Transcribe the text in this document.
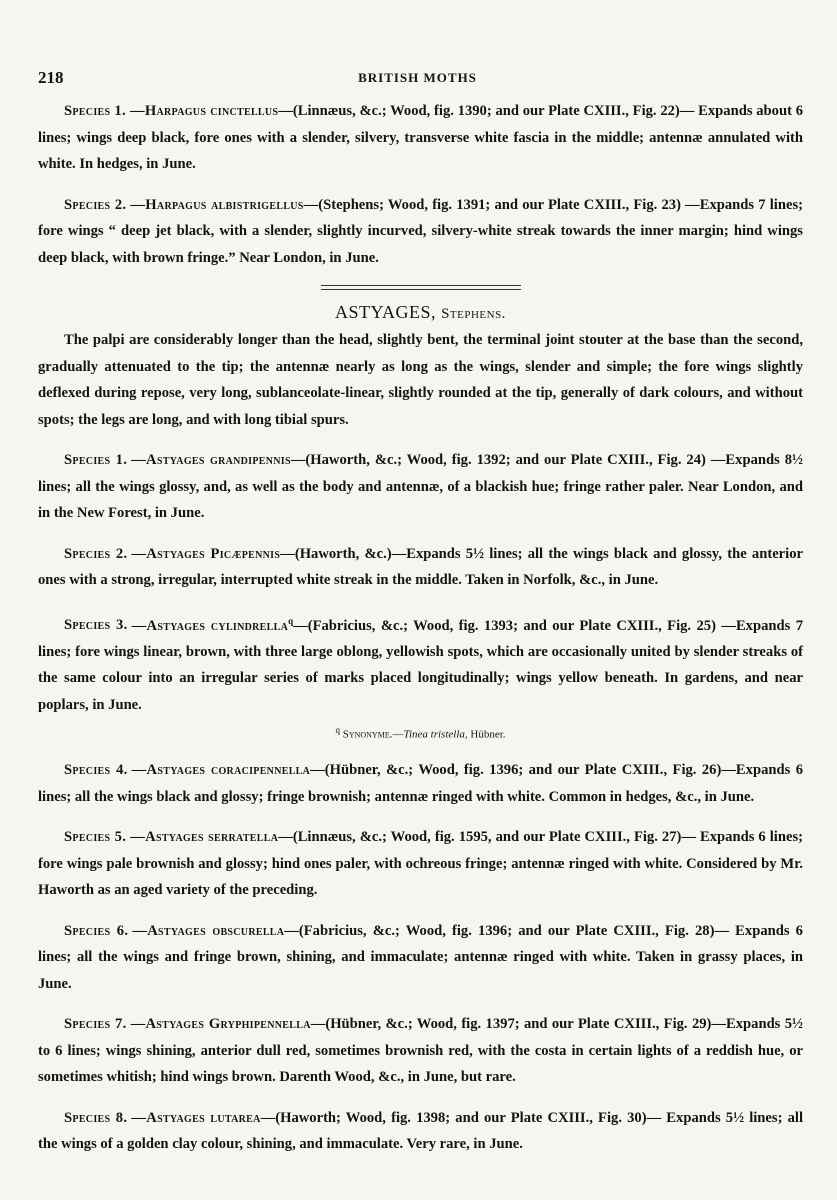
218	BRITISH MOTHS

Species 1. —Harpagus cinctellus—(Linnæus, &c.; Wood, fig. 1390; and our Plate CXIII., Fig. 22)— Expands about 6 lines; wings deep black, fore ones with a slender, silvery, transverse white fascia in the middle; antennæ annulated with white. In hedges, in June.

Species 2. —Harpagus albistrigellus—(Stephens; Wood, fig. 1391; and our Plate CXIII., Fig. 23) —Expands 7 lines; fore wings “ deep jet black, with a slender, slightly incurved, silvery-white streak towards the inner margin; hind wings deep black, with brown fringe.” Near London, in June.

ASTYAGES, Stephens.

The palpi are considerably longer than the head, slightly bent, the terminal joint stouter at the base than the second, gradually attenuated to the tip; the antennæ nearly as long as the wings, slender and simple; the fore wings slightly deflexed during repose, very long, sublanceolate-linear, slightly rounded at the tip, generally of dark colours, and without spots; the legs are long, and with long tibial spurs.

Species 1. —Astyages grandipennis—(Haworth, &c.; Wood, fig. 1392; and our Plate CXIII., Fig. 24) —Expands 8½ lines; all the wings glossy, and, as well as the body and antennæ, of a blackish hue; fringe rather paler. Near London, and in the New Forest, in June.

Species 2. —Astyages Picæpennis—(Haworth, &c.)—Expands 5½ lines; all the wings black and glossy, the anterior ones with a strong, irregular, interrupted white streak in the middle. Taken in Norfolk, &c., in June.

Species 3. —Astyages cylindrella$^q$—(Fabricius, &c.; Wood, fig. 1393; and our Plate CXIII., Fig. 25) —Expands 7 lines; fore wings linear, brown, with three large oblong, yellowish spots, which are occasionally united by slender streaks of the same colour into an irregular series of marks placed longitudinally; wings yellow beneath. In gardens, and near poplars, in June.

$^q$ Synonyme.—Tinea tristella, Hübner.

Species 4. —Astyages coracipennella—(Hübner, &c.; Wood, fig. 1396; and our Plate CXIII., Fig. 26)—Expands 6 lines; all the wings black and glossy; fringe brownish; antennæ ringed with white. Common in hedges, &c., in June.

Species 5. —Astyages serratella—(Linnæus, &c.; Wood, fig. 1595, and our Plate CXIII., Fig. 27)— Expands 6 lines; fore wings pale brownish and glossy; hind ones paler, with ochreous fringe; antennæ ringed with white. Considered by Mr. Haworth as an aged variety of the preceding.

Species 6. —Astyages obscurella—(Fabricius, &c.; Wood, fig. 1396; and our Plate CXIII., Fig. 28)— Expands 6 lines; all the wings and fringe brown, shining, and immaculate; antennæ ringed with white. Taken in grassy places, in June.

Species 7. —Astyages Gryphipennella—(Hübner, &c.; Wood, fig. 1397; and our Plate CXIII., Fig. 29)—Expands 5½ to 6 lines; wings shining, anterior dull red, sometimes brownish red, with the costa in certain lights of a reddish hue, or sometimes whitish; hind wings brown. Darenth Wood, &c., in June, but rare.

Species 8. —Astyages lutarea—(Haworth; Wood, fig. 1398; and our Plate CXIII., Fig. 30)— Expands 5½ lines; all the wings of a golden clay colour, shining, and immaculate. Very rare, in June.
